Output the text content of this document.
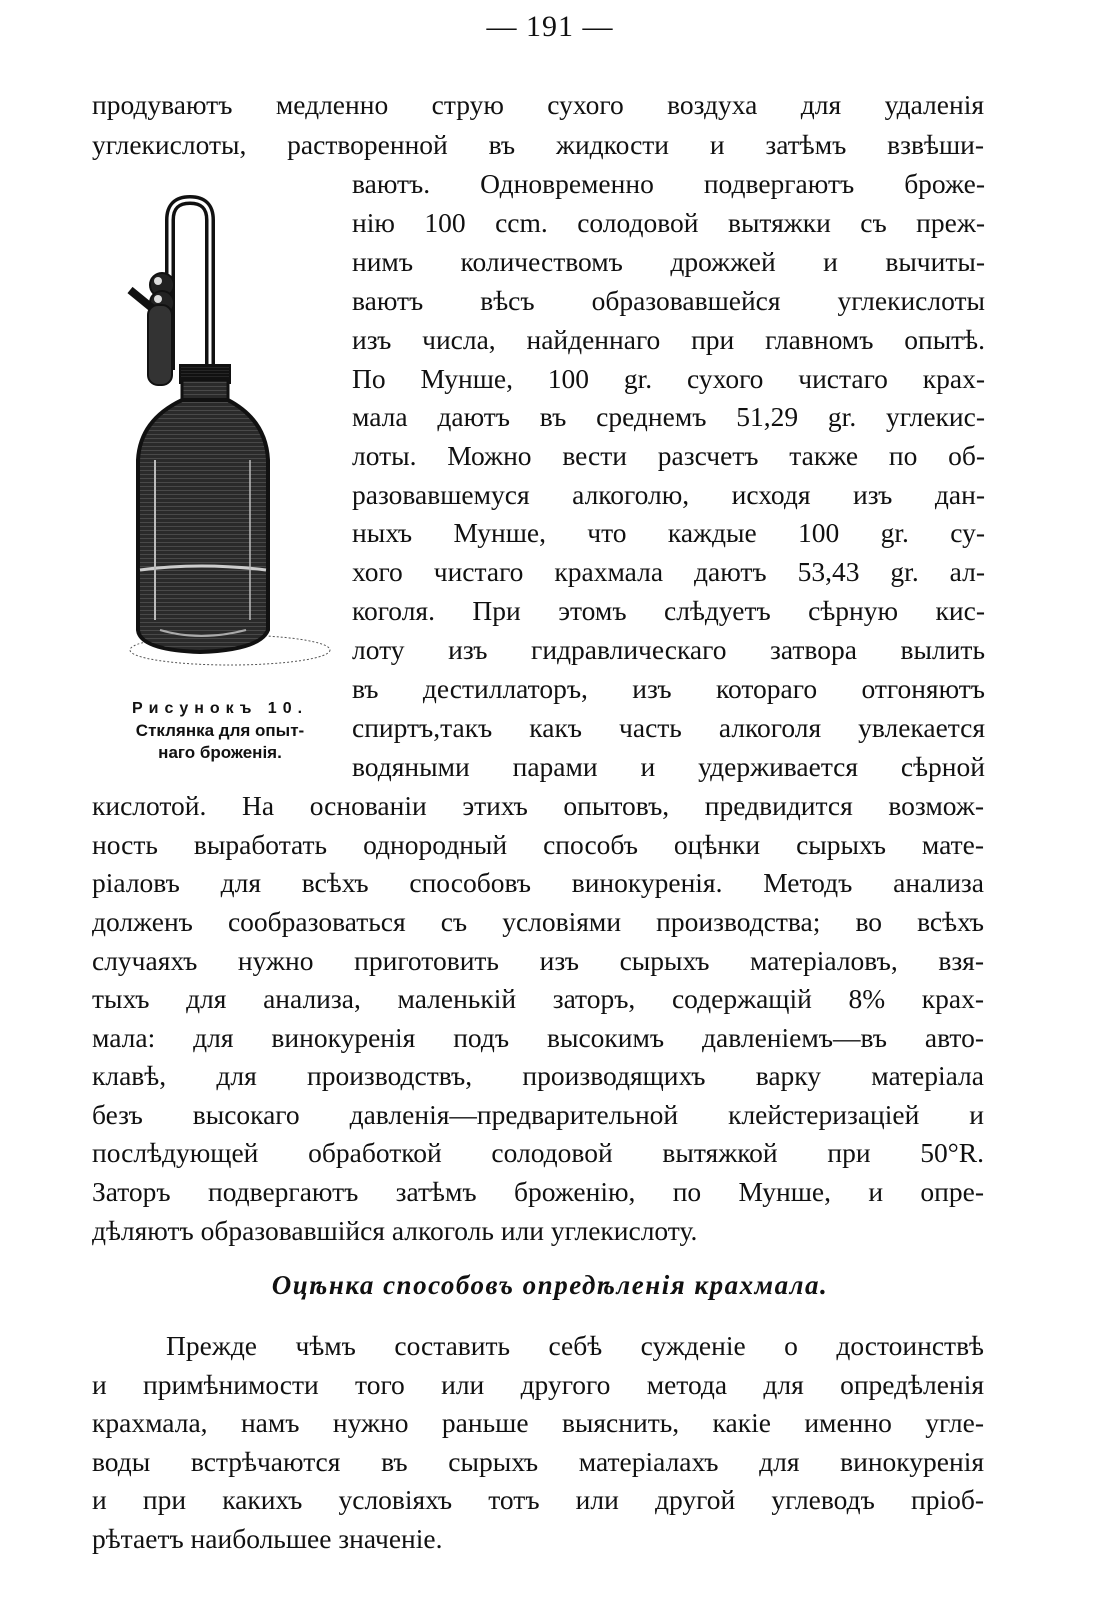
— 191 —
продуваютъ медленно струю сухого воздуха для удаленія
углекислоты, растворенной въ жидкости и затѣмъ взвѣши-
Рисунокъ 10.
Стклянка для опыт-
наго броженія.
ваютъ. Одновременно подвергаютъ броже-
нію 100 ccm. солодовой вытяжки съ преж-
нимъ количествомъ дрожжей и вычиты-
ваютъ вѣсъ образовавшейся углекислоты
изъ числа, найденнаго при главномъ опытѣ.
По Мунше, 100 gr. сухого чистаго крах-
мала даютъ въ среднемъ 51,29 gr. углекис-
лоты. Можно вести разсчетъ также по об-
разовавшемуся алкоголю, исходя изъ дан-
ныхъ Мунше, что каждые 100 gr. су-
хого чистаго крахмала даютъ 53,43 gr. ал-
коголя. При этомъ слѣдуетъ сѣрную кис-
лоту изъ гидравлическаго затвора вылить
въ дестиллаторъ, изъ котораго отгоняютъ
спиртъ,такъ какъ часть алкоголя увлекается
водяными парами и удерживается сѣрной
кислотой. На основаніи этихъ опытовъ, предвидится возмож-
ность выработать однородный способъ оцѣнки сырыхъ мате-
ріаловъ для всѣхъ способовъ винокуренія. Методъ анализа
долженъ сообразоваться съ условіями производства; во всѣхъ
случаяхъ нужно приготовить изъ сырыхъ матеріаловъ, взя-
тыхъ для анализа, маленькій заторъ, содержащій 8% крах-
мала: для винокуренія подъ высокимъ давленіемъ—въ авто-
клавѣ, для производствъ, производящихъ варку матеріала
безъ высокаго давленія—предварительной клейстеризаціей и
послѣдующей обработкой солодовой вытяжкой при 50°R.
Заторъ подвергаютъ затѣмъ броженію, по Мунше, и опре-
дѣляютъ образовавшійся алкоголь или углекислоту.
Оцѣнка способовъ опредѣленія крахмала.
Прежде чѣмъ составить себѣ сужденіе о достоинствѣ
и примѣнимости того или другого метода для опредѣленія
крахмала, намъ нужно раньше выяснить, какіе именно угле-
воды встрѣчаются въ сырыхъ матеріалахъ для винокуренія
и при какихъ условіяхъ тотъ или другой углеводъ пріоб-
рѣтаетъ наибольшее значеніе.
